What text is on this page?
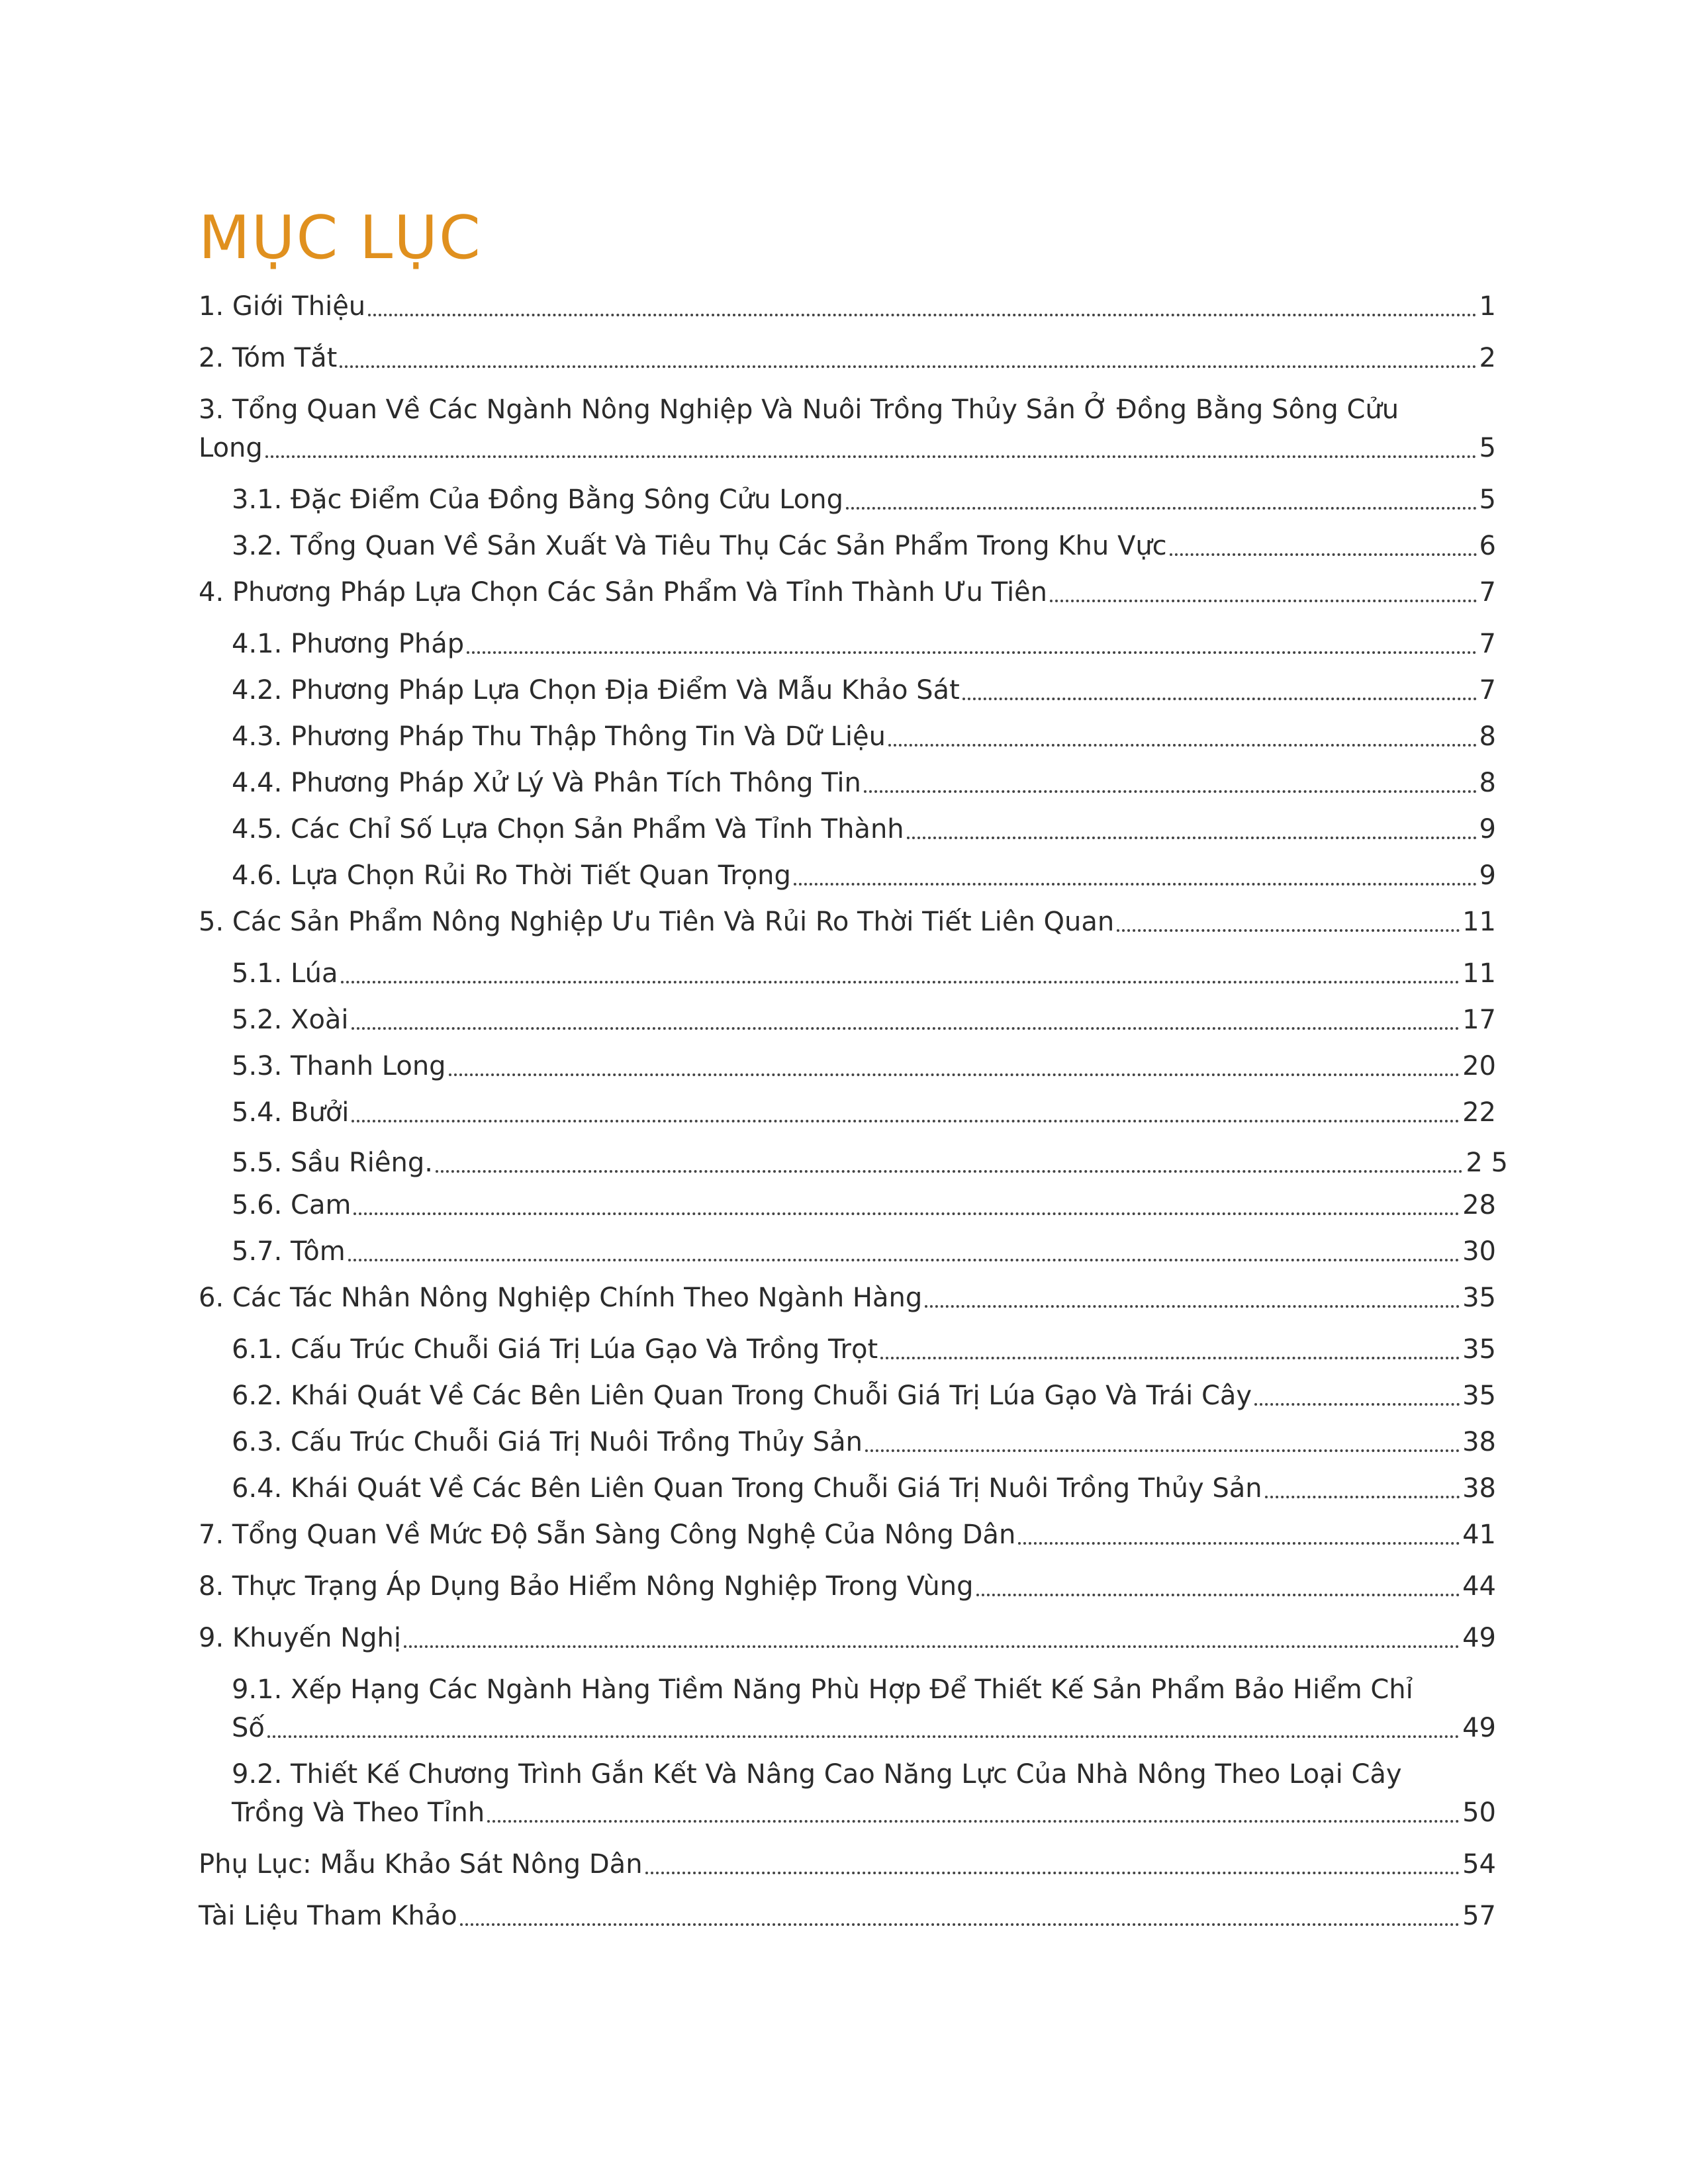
MỤC LỤC
1. Giới Thiệu	1
2. Tóm Tắt	2
3. Tổng Quan Về Các Ngành Nông Nghiệp Và Nuôi Trồng Thủy Sản Ở Đồng Bằng Sông Cửu
Long	5
3.1. Đặc Điểm Của Đồng Bằng Sông Cửu Long	5
3.2. Tổng Quan Về Sản Xuất Và Tiêu Thụ Các Sản Phẩm Trong Khu Vực	6
4. Phương Pháp Lựa Chọn Các Sản Phẩm Và Tỉnh Thành Ưu Tiên	7
4.1. Phương Pháp	7
4.2. Phương Pháp Lựa Chọn Địa Điểm Và Mẫu Khảo Sát	7
4.3. Phương Pháp Thu Thập Thông Tin Và Dữ Liệu	8
4.4. Phương Pháp Xử Lý Và Phân Tích Thông Tin	8
4.5. Các Chỉ Số Lựa Chọn Sản Phẩm Và Tỉnh Thành	9
4.6. Lựa Chọn Rủi Ro Thời Tiết Quan Trọng	9
5. Các Sản Phẩm Nông Nghiệp Ưu Tiên Và Rủi Ro Thời Tiết Liên Quan	11
5.1. Lúa	11
5.2. Xoài	17
5.3. Thanh Long	20
5.4. Bưởi	22
5.5. Sầu Riêng.	2 5
5.6. Cam	28
5.7. Tôm	30
6. Các Tác Nhân Nông Nghiệp Chính Theo Ngành Hàng	35
6.1. Cấu Trúc Chuỗi Giá Trị Lúa Gạo Và Trồng Trọt	35
6.2. Khái Quát Về Các Bên Liên Quan Trong Chuỗi Giá Trị Lúa Gạo Và Trái Cây	35
6.3. Cấu Trúc Chuỗi Giá Trị Nuôi Trồng Thủy Sản	38
6.4. Khái Quát Về Các Bên Liên Quan Trong Chuỗi Giá Trị Nuôi Trồng Thủy Sản	38
7. Tổng Quan Về Mức Độ Sẵn Sàng Công Nghệ Của Nông Dân	41
8. Thực Trạng Áp Dụng Bảo Hiểm Nông Nghiệp Trong Vùng	44
9. Khuyến Nghị	49
9.1. Xếp Hạng Các Ngành Hàng Tiềm Năng Phù Hợp Để Thiết Kế Sản Phẩm Bảo Hiểm Chỉ
Số	49
9.2. Thiết Kế Chương Trình Gắn Kết Và Nâng Cao Năng Lực Của Nhà Nông Theo Loại Cây
Trồng Và Theo Tỉnh	50
Phụ Lục: Mẫu Khảo Sát Nông Dân	54
Tài Liệu Tham Khảo	57
